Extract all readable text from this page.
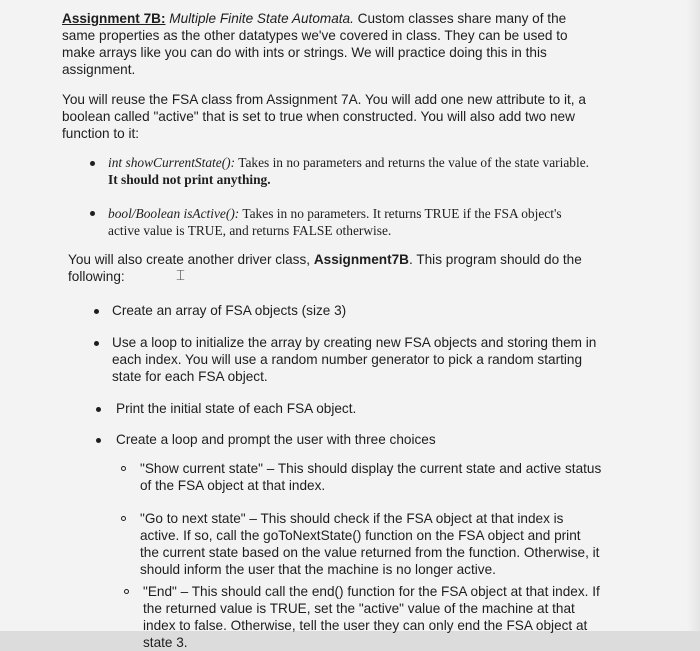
Assignment 7B: Multiple Finite State Automata. Custom classes share many of the same properties as the other datatypes we've covered in class. They can be used to make arrays like you can do with ints or strings. We will practice doing this in this assignment.
You will reuse the FSA class from Assignment 7A. You will add one new attribute to it, a boolean called "active" that is set to true when constructed. You will also add two new function to it:
int showCurrentState(): Takes in no parameters and returns the value of the state variable.
It should not print anything.
bool/Boolean isActive(): Takes in no parameters. It returns TRUE if the FSA object's active value is TRUE, and returns FALSE otherwise.
You will also create another driver class, Assignment7B. This program should do the following:	⌶
Create an array of FSA objects (size 3)
Use a loop to initialize the array by creating new FSA objects and storing them in each index. You will use a random number generator to pick a random starting state for each FSA object.
Print the initial state of each FSA object.
Create a loop and prompt the user with three choices
"Show current state" – This should display the current state and active status of the FSA object at that index.
"Go to next state" – This should check if the FSA object at that index is active. If so, call the goToNextState() function on the FSA object and print the current state based on the value returned from the function. Otherwise, it should inform the user that the machine is no longer active.
"End" – This should call the end() function for the FSA object at that index. If the returned value is TRUE, set the "active" value of the machine at that index to false. Otherwise, tell the user they can only end the FSA object at state 3.
